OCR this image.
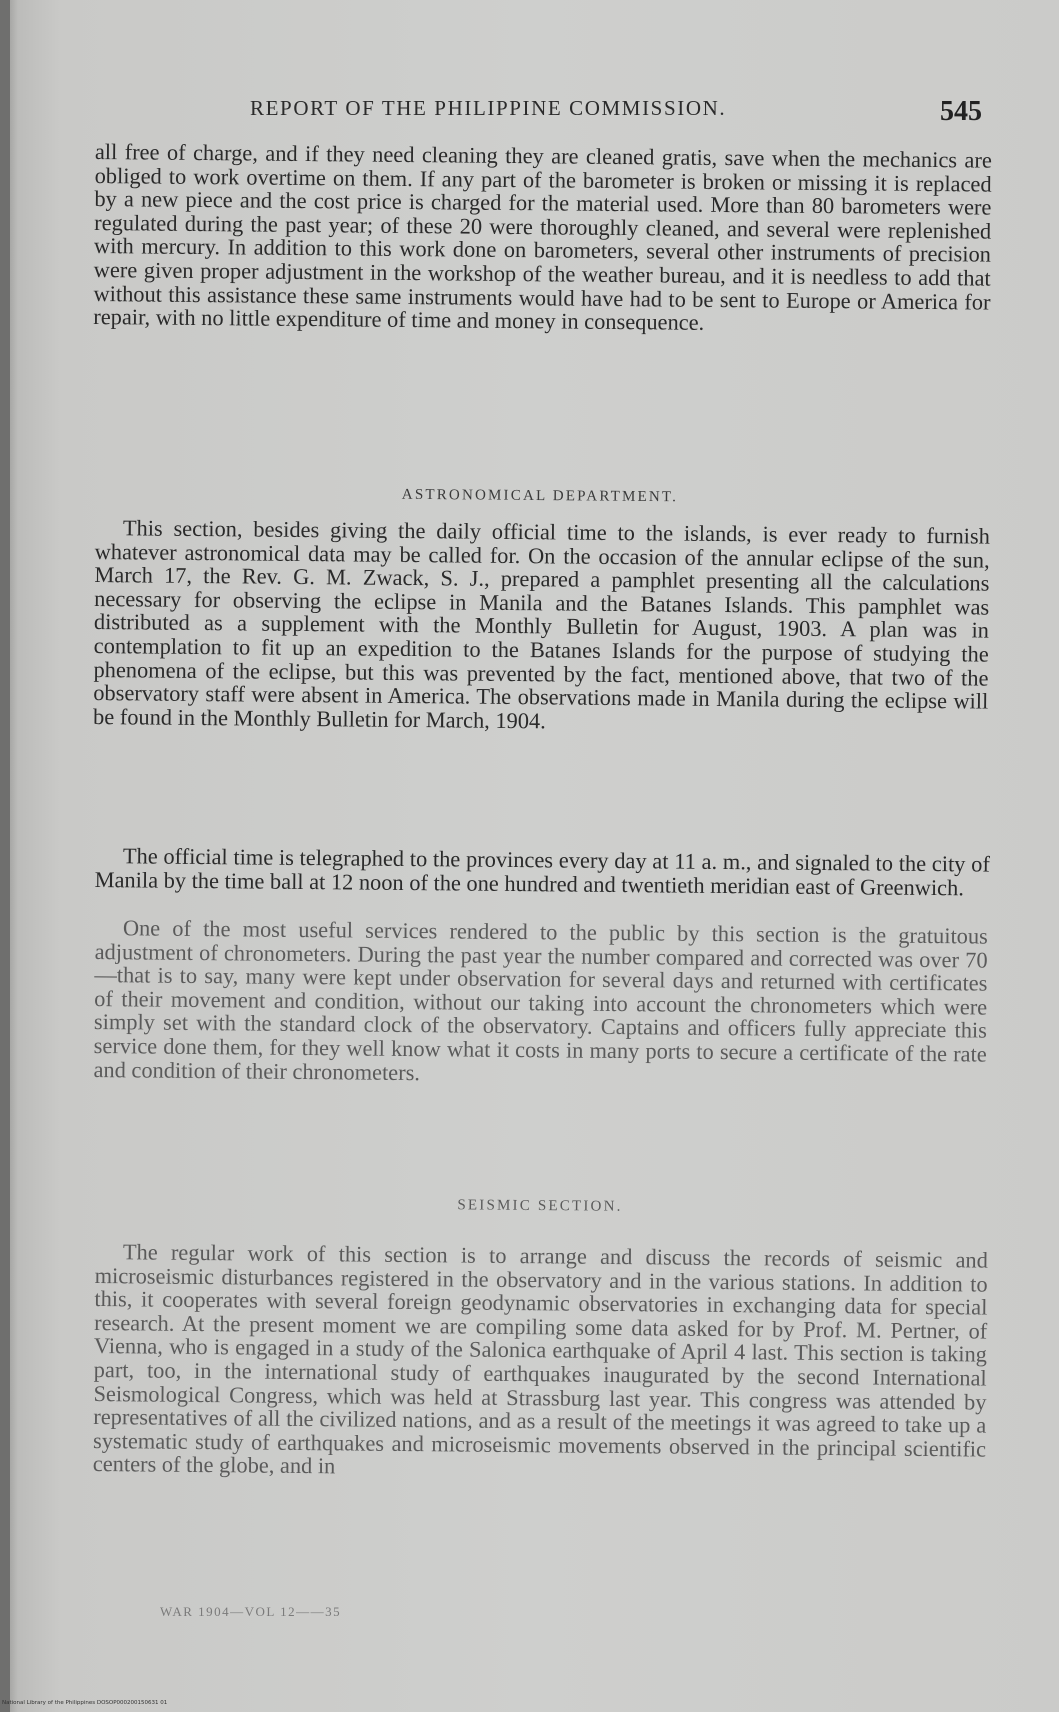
REPORT OF THE PHILIPPINE COMMISSION.	545

all free of charge, and if they need cleaning they are cleaned gratis, save when the mechanics are obliged to work overtime on them. If any part of the barometer is broken or missing it is replaced by a new piece and the cost price is charged for the material used. More than 80 barometers were regulated during the past year; of these 20 were thoroughly cleaned, and several were replenished with mercury. In addition to this work done on barometers, several other instruments of precision were given proper adjustment in the workshop of the weather bureau, and it is needless to add that without this assistance these same instruments would have had to be sent to Europe or America for repair, with no little expenditure of time and money in consequence.

ASTRONOMICAL DEPARTMENT.

This section, besides giving the daily official time to the islands, is ever ready to furnish whatever astronomical data may be called for. On the occasion of the annular eclipse of the sun, March 17, the Rev. G. M. Zwack, S. J., prepared a pamphlet presenting all the calculations necessary for observing the eclipse in Manila and the Batanes Islands. This pamphlet was distributed as a supplement with the Monthly Bulletin for August, 1903. A plan was in contemplation to fit up an expedition to the Batanes Islands for the purpose of studying the phenomena of the eclipse, but this was prevented by the fact, mentioned above, that two of the observatory staff were absent in America. The observations made in Manila during the eclipse will be found in the Monthly Bulletin for March, 1904.

The official time is telegraphed to the provinces every day at 11 a. m., and signaled to the city of Manila by the time ball at 12 noon of the one hundred and twentieth meridian east of Greenwich.

One of the most useful services rendered to the public by this section is the gratuitous adjustment of chronometers. During the past year the number compared and corrected was over 70—that is to say, many were kept under observation for several days and returned with certificates of their movement and condition, without our taking into account the chronometers which were simply set with the standard clock of the observatory. Captains and officers fully appreciate this service done them, for they well know what it costs in many ports to secure a certificate of the rate and condition of their chronometers.

SEISMIC SECTION.

The regular work of this section is to arrange and discuss the records of seismic and microseismic disturbances registered in the observatory and in the various stations. In addition to this, it cooperates with several foreign geodynamic observatories in exchanging data for special research. At the present moment we are compiling some data asked for by Prof. M. Pertner, of Vienna, who is engaged in a study of the Salonica earthquake of April 4 last. This section is taking part, too, in the international study of earthquakes inaugurated by the second International Seismological Congress, which was held at Strassburg last year. This congress was attended by representatives of all the civilized nations, and as a result of the meetings it was agreed to take up a systematic study of earthquakes and microseismic movements observed in the principal scientific centers of the globe, and in

WAR 1904—VOL 12——35
National Library of the Philippines DOSOP000200150631 01
